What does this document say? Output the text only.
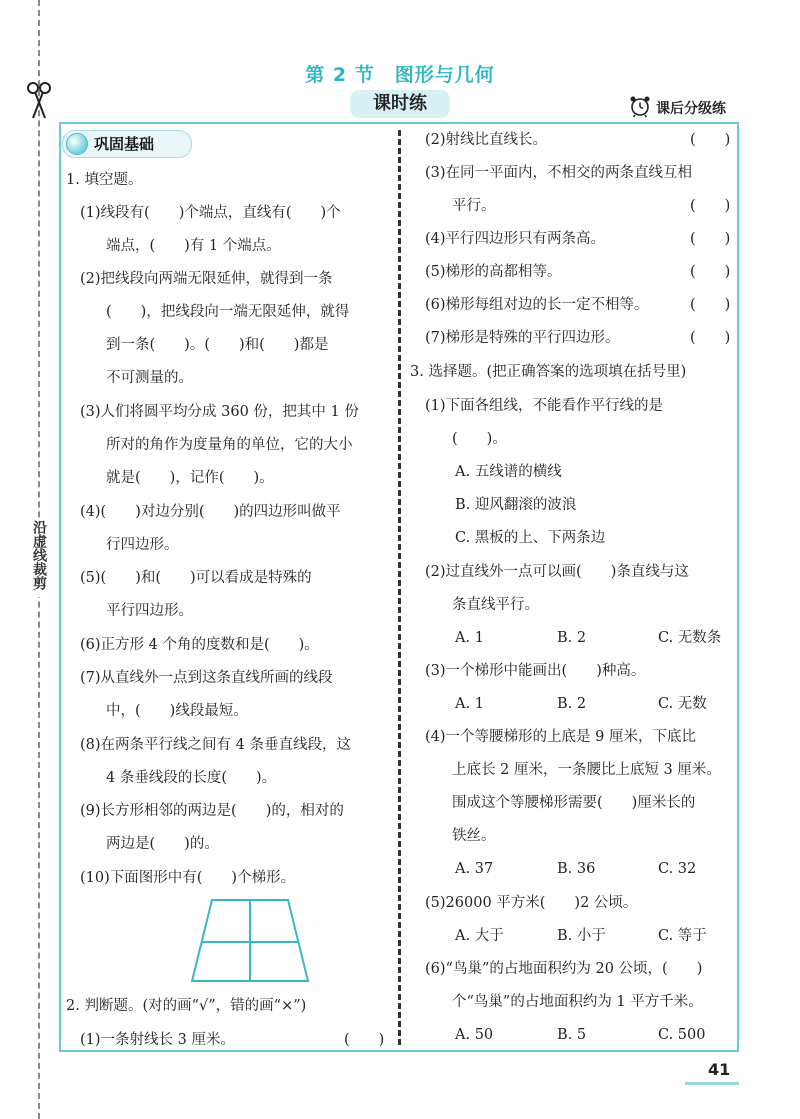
沿虚线裁剪
第 2 节 图形与几何
课时练	课后分级练
巩固基础
1. 填空题。
(1)线段有(　　)个端点，直线有(　　)个
端点，(　　)有 1 个端点。
(2)把线段向两端无限延伸，就得到一条
(　　)，把线段向一端无限延伸，就得
到一条(　　)。(　　)和(　　)都是
不可测量的。
(3)人们将圆平均分成 360 份，把其中 1 份
所对的角作为度量角的单位，它的大小
就是(　　)，记作(　　)。
(4)(　　)对边分别(　　)的四边形叫做平
行四边形。
(5)(　　)和(　　)可以看成是特殊的
平行四边形。
(6)正方形 4 个角的度数和是(　　)。
(7)从直线外一点到这条直线所画的线段
中，(　　)线段最短。
(8)在两条平行线之间有 4 条垂直线段，这
4 条垂线段的长度(　　)。
(9)长方形相邻的两边是(　　)的，相对的
两边是(　　)的。
(10)下面图形中有(　　)个梯形。
2. 判断题。(对的画“√”，错的画“×”)
(1)一条射线长 3 厘米。	(　　)
(2)射线比直线长。	(　　)
(3)在同一平面内，不相交的两条直线互相
平行。	(　　)
(4)平行四边形只有两条高。	(　　)
(5)梯形的高都相等。	(　　)
(6)梯形每组对边的长一定不相等。	(　　)
(7)梯形是特殊的平行四边形。	(　　)
3. 选择题。(把正确答案的选项填在括号里)
(1)下面各组线，不能看作平行线的是
(　　)。
A. 五线谱的横线
B. 迎风翻滚的波浪
C. 黑板的上、下两条边
(2)过直线外一点可以画(　　)条直线与这
条直线平行。
A. 1	B. 2	C. 无数条
(3)一个梯形中能画出(　　)种高。
A. 1	B. 2	C. 无数
(4)一个等腰梯形的上底是 9 厘米，下底比
上底长 2 厘米，一条腰比上底短 3 厘米。
围成这个等腰梯形需要(　　)厘米长的
铁丝。
A. 37	B. 36	C. 32
(5)26000 平方米(　　)2 公顷。
A. 大于	B. 小于	C. 等于
(6)“鸟巢”的占地面积约为 20 公顷，(　　)
个“鸟巢”的占地面积约为 1 平方千米。
A. 50	B. 5	C. 500
41
